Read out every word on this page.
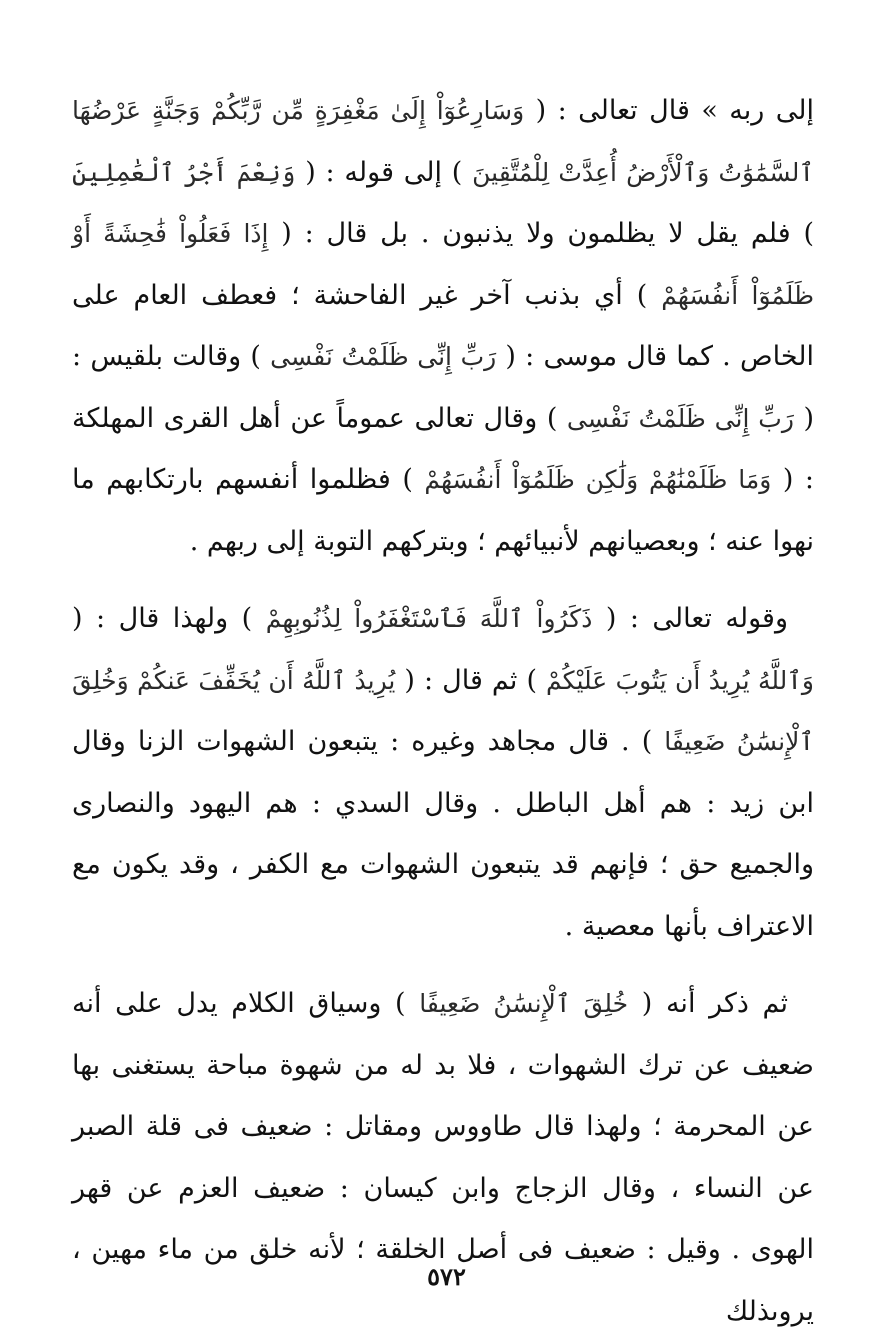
إلى ربه » قال تعالى : ( وَسَارِعُوٓاْ إِلَىٰ مَغْفِرَةٍ مِّن رَّبِّكُمْ وَجَنَّةٍ عَرْضُهَا ٱلسَّمَٰوَٰتُ وَٱلْأَرْضُ أُعِدَّتْ لِلْمُتَّقِينَ ) إلى قوله : ( وَنِعْمَ أَجْرُ ٱلْعَٰمِلِينَ ) فلم يقل لا يظلمون ولا يذنبون . بل قال : ( إِذَا فَعَلُواْ فَٰحِشَةً أَوْ ظَلَمُوٓاْ أَنفُسَهُمْ ) أي بذنب آخر غير الفاحشة ؛ فعطف العام على الخاص . كما قال موسى : ( رَبِّ إِنِّى ظَلَمْتُ نَفْسِى ) وقالت بلقيس : ( رَبِّ إِنِّى ظَلَمْتُ نَفْسِى ) وقال تعالى عموماً عن أهل القرى المهلكة : ( وَمَا ظَلَمْنَٰهُمْ وَلَٰكِن ظَلَمُوٓاْ أَنفُسَهُمْ ) فظلموا أنفسهم بارتكابهم ما نهوا عنه ؛ وبعصيانهم لأنبيائهم ؛ وبتركهم التوبة إلى ربهم .

وقوله تعالى : ( ذَكَرُواْ ٱللَّهَ فَٱسْتَغْفَرُواْ لِذُنُوبِهِمْ ) ولهذا قال : ( وَٱللَّهُ يُرِيدُ أَن يَتُوبَ عَلَيْكُمْ ) ثم قال : ( يُرِيدُ ٱللَّهُ أَن يُخَفِّفَ عَنكُمْ وَخُلِقَ ٱلْإِنسَٰنُ ضَعِيفًا ) . قال مجاهد وغيره : يتبعون الشهوات الزنا وقال ابن زيد : هم أهل الباطل . وقال السدي : هم اليهود والنصارى والجميع حق ؛ فإنهم قد يتبعون الشهوات مع الكفر ، وقد يكون مع الاعتراف بأنها معصية .

ثم ذكر أنه ( خُلِقَ ٱلْإِنسَٰنُ ضَعِيفًا ) وسياق الكلام يدل على أنه ضعيف عن ترك الشهوات ، فلا بد له من شهوة مباحة يستغنى بها عن المحرمة ؛ ولهذا قال طاووس ومقاتل : ضعيف فى قلة الصبر عن النساء ، وقال الزجاج وابن كيسان : ضعيف العزم عن قهر الهوى . وقيل : ضعيف فى أصل الخلقة ؛ لأنه خلق من ماء مهين ، يروىذلك

٥٧٢
